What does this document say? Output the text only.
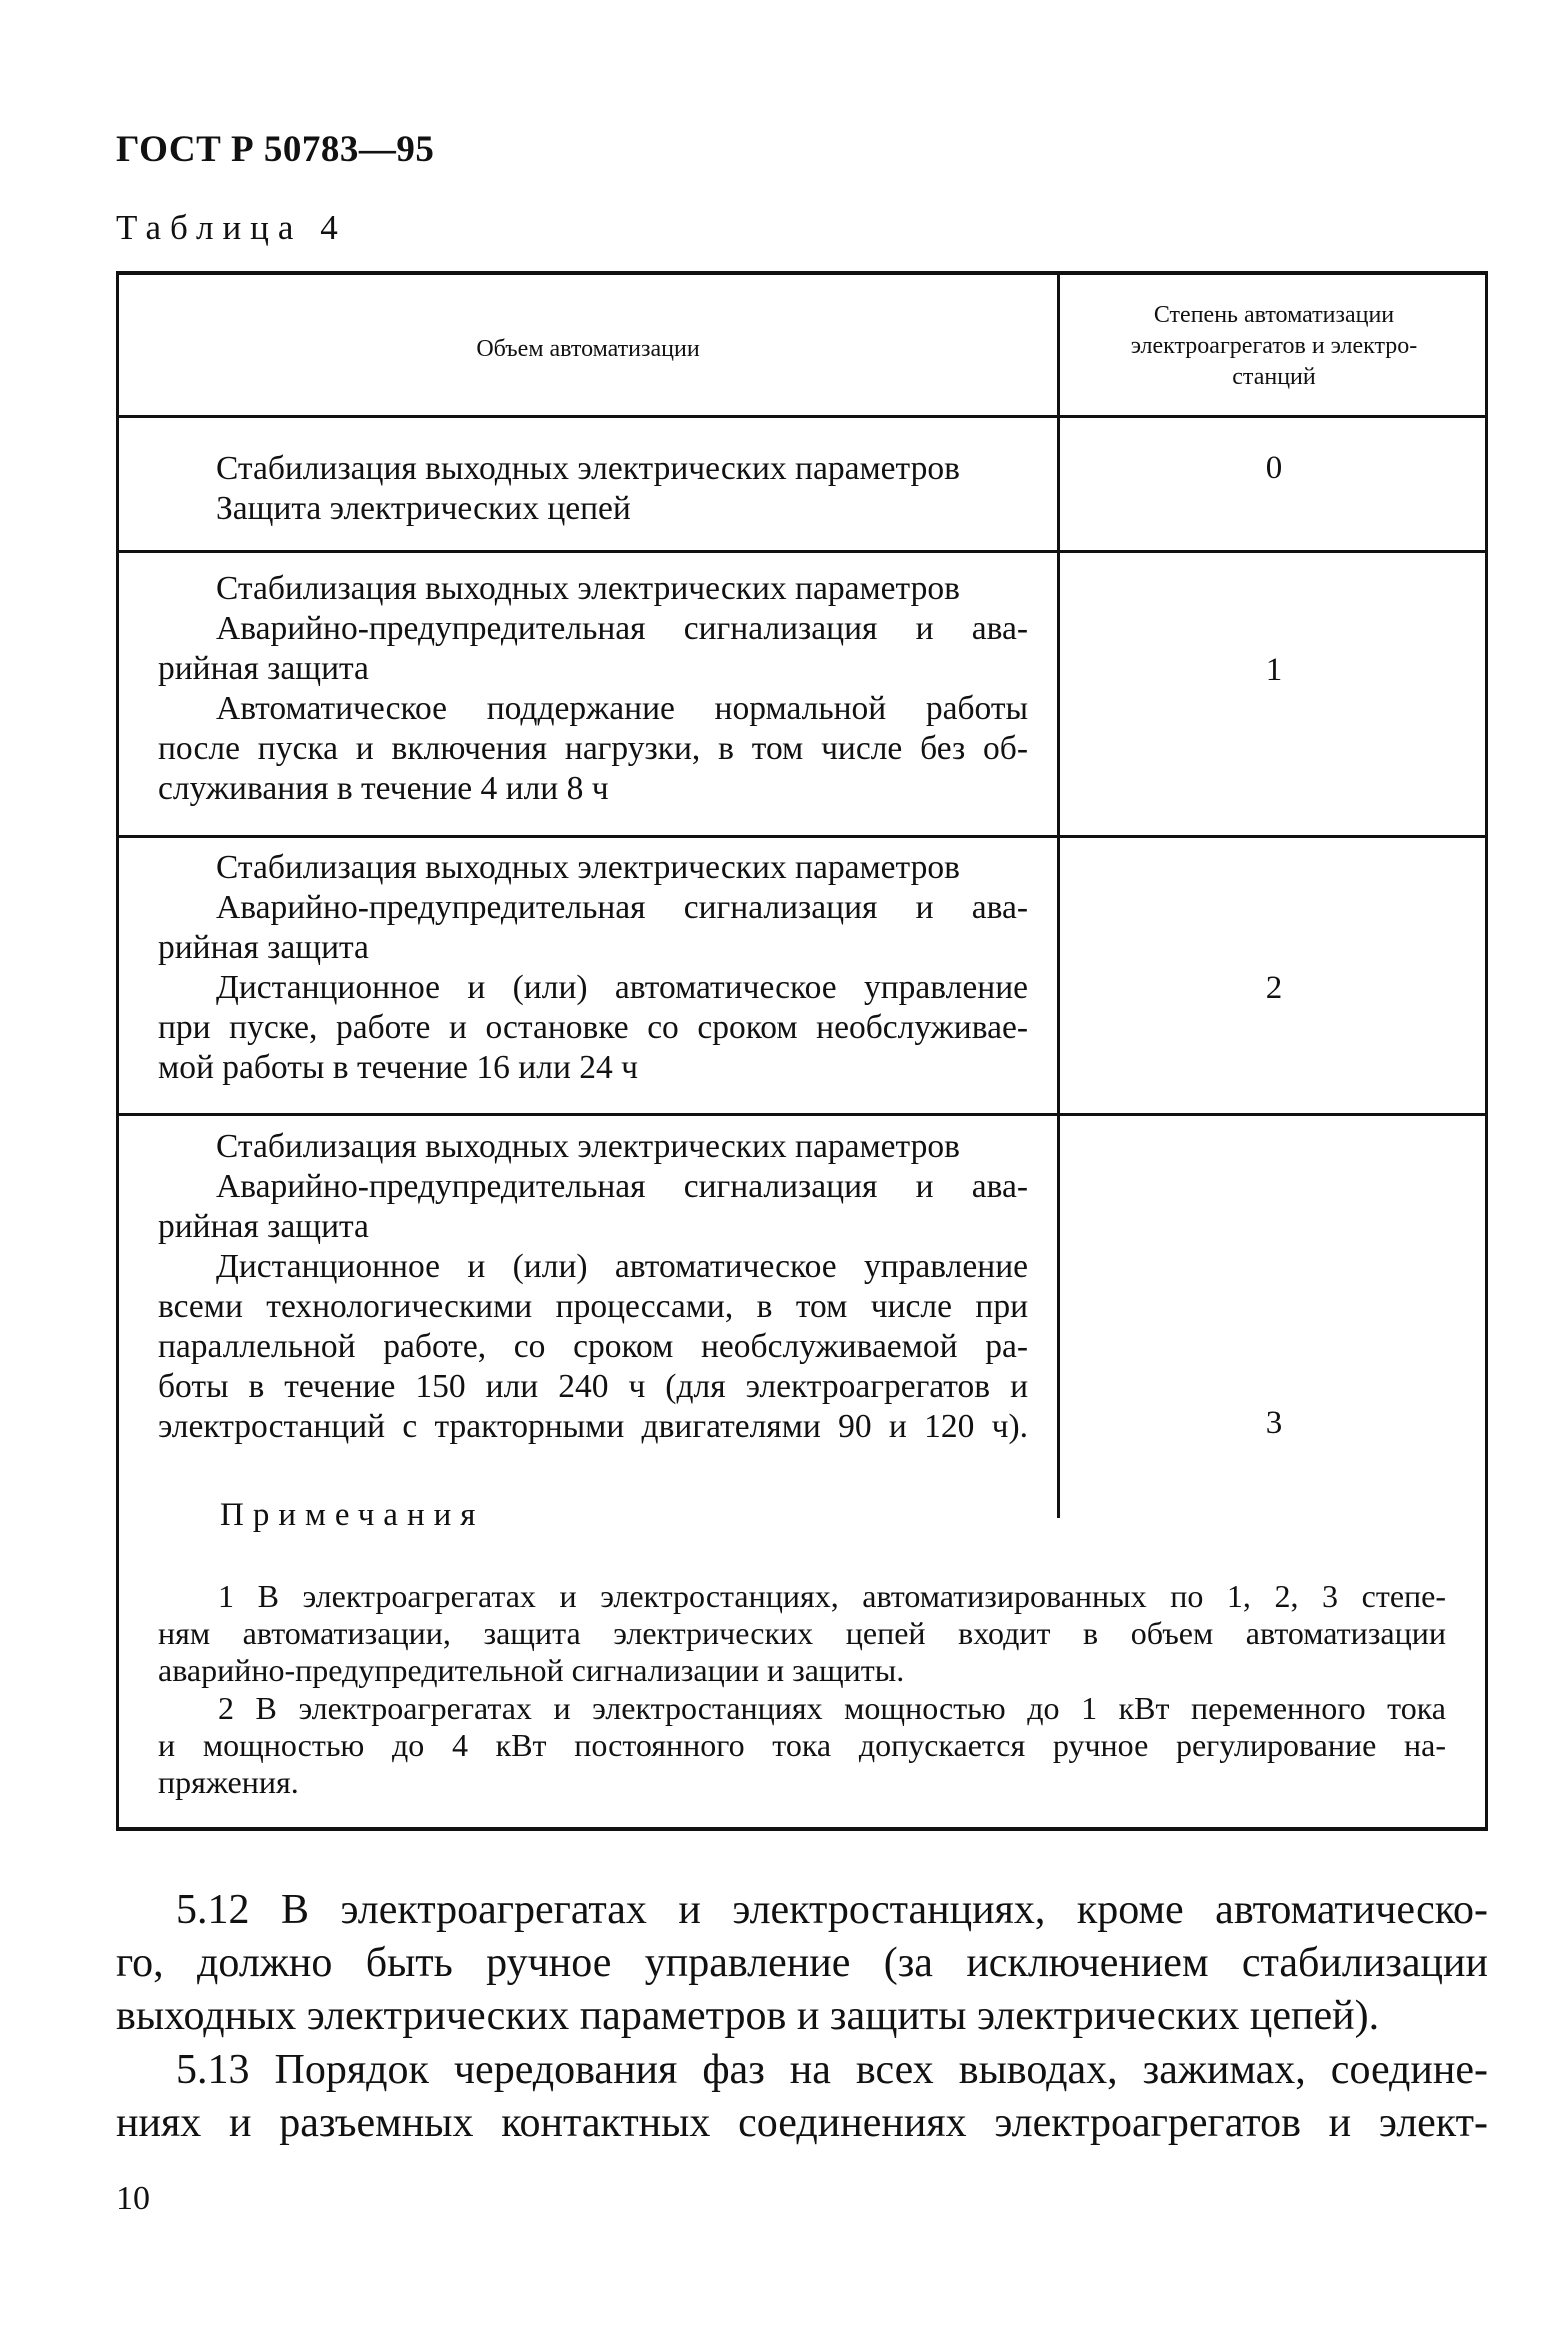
ГОСТ Р 50783—95
Таблица 4
Объем автоматизации
Степень автоматизации
электроагрегатов и электро-
станций
Стабилизация выходных электрических параметров
Защита электрических цепей
0
Стабилизация выходных электрических параметров
Аварийно-предупредительная сигнализация и ава-
рийная защита
Автоматическое поддержание нормальной работы
после пуска и включения нагрузки, в том числе без об-
служивания в течение 4 или 8 ч
1
Стабилизация выходных электрических параметров
Аварийно-предупредительная сигнализация и ава-
рийная защита
Дистанционное и (или) автоматическое управление
при пуске, работе и остановке со сроком необслуживае-
мой работы в течение 16 или 24 ч
2
Стабилизация выходных электрических параметров
Аварийно-предупредительная сигнализация и ава-
рийная защита
Дистанционное и (или) автоматическое управление
всеми технологическими процессами, в том числе при
параллельной работе, со сроком необслуживаемой ра-
боты в течение 150 или 240 ч (для электроагрегатов и
электростанций с тракторными двигателями 90 и 120 ч).	3
Примечания
1 В электроагрегатах и электростанциях, автоматизированных по 1, 2, 3 степе-
ням автоматизации, защита электрических цепей входит в объем автоматизации
аварийно-предупредительной сигнализации и защиты.
2 В электроагрегатах и электростанциях мощностью до 1 кВт переменного тока
и мощностью до 4 кВт постоянного тока допускается ручное регулирование на-
пряжения.
5.12 В электроагрегатах и электростанциях, кроме автоматическо-
го, должно быть ручное управление (за исключением стабилизации
выходных электрических параметров и защиты электрических цепей).
5.13 Порядок чередования фаз на всех выводах, зажимах, соедине-
ниях и разъемных контактных соединениях электроагрегатов и элект-
10
